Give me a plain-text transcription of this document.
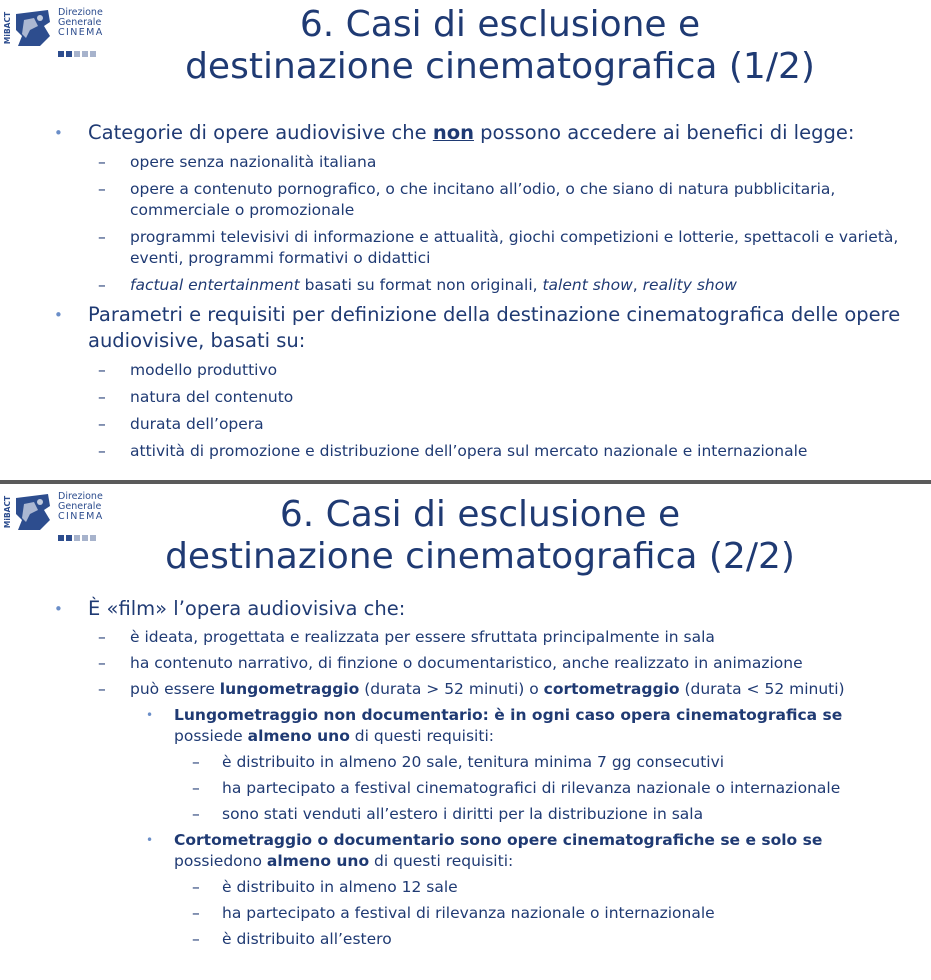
MiBACT	Direzione
Generale
CINEMA	6. Casi di esclusione e
destinazione cinematografica (1/2)
• Categorie di opere audiovisive che non possono accedere ai benefici di legge:
– opere senza nazionalità italiana
– opere a contenuto pornografico, o che incitano all’odio, o che siano di natura pubblicitaria, commerciale o promozionale
– programmi televisivi di informazione e attualità, giochi competizioni e lotterie, spettacoli e varietà, eventi, programmi formativi o didattici
– factual entertainment basati su format non originali, talent show, reality show
• Parametri e requisiti per definizione della destinazione cinematografica delle opere audiovisive, basati su:
– modello produttivo
– natura del contenuto
– durata dell’opera
– attività di promozione e distribuzione dell’opera sul mercato nazionale e internazionale
MiBACT	Direzione
Generale
CINEMA	6. Casi di esclusione e
destinazione cinematografica (2/2)
• È «film» l’opera audiovisiva che:
– è ideata, progettata e realizzata per essere sfruttata principalmente in sala
– ha contenuto narrativo, di finzione o documentaristico, anche realizzato in animazione
– può essere lungometraggio (durata > 52 minuti) o cortometraggio (durata < 52 minuti)
• Lungometraggio non documentario: è in ogni caso opera cinematografica se
possiede almeno uno di questi requisiti:
– è distribuito in almeno 20 sale, tenitura minima 7 gg consecutivi
– ha partecipato a festival cinematografici di rilevanza nazionale o internazionale
– sono stati venduti all’estero i diritti per la distribuzione in sala
• Cortometraggio o documentario sono opere cinematografiche se e solo se
possiedono almeno uno di questi requisiti:
– è distribuito in almeno 12 sale
– ha partecipato a festival di rilevanza nazionale o internazionale
– è distribuito all’estero
